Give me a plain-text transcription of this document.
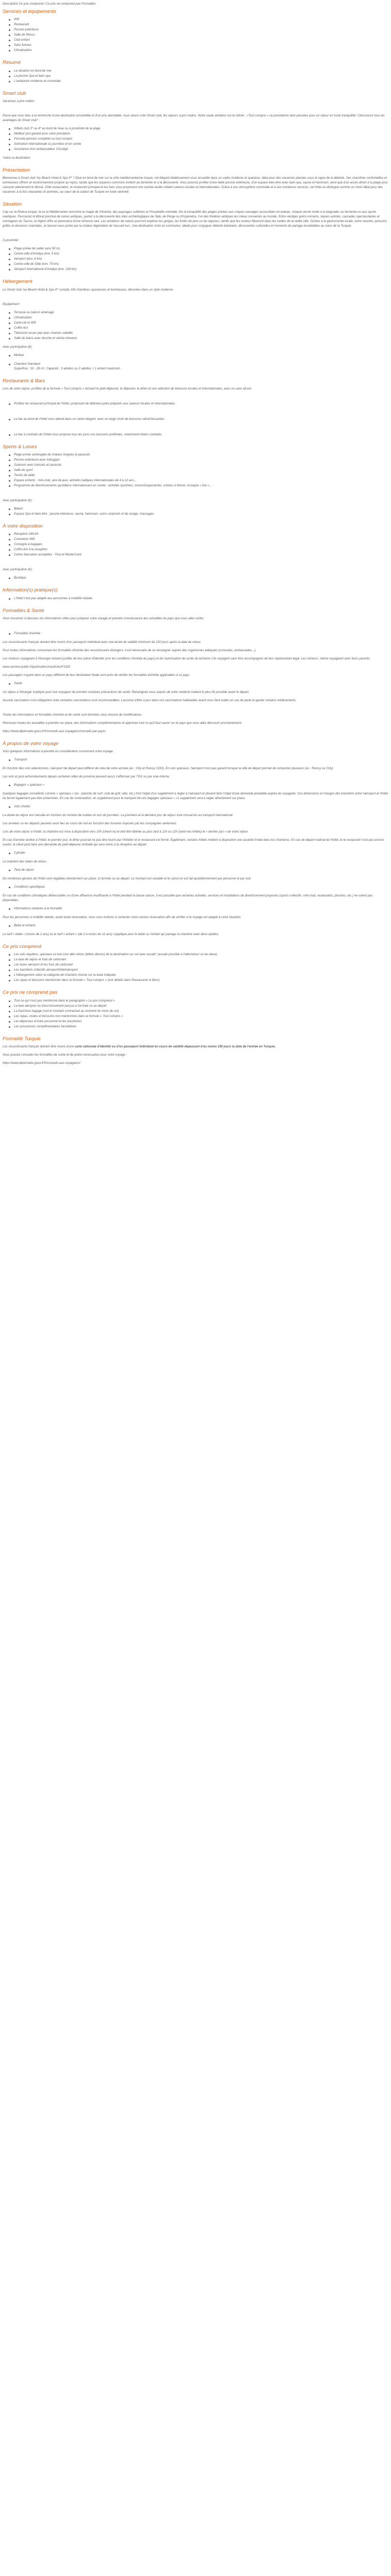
Description Ce prix comprend / Ce prix ne comprend pas Formalités
Services et équipements
Wifi
Restaurant
Piscine extérieure
Salle de fitness
Club enfant
Sans fumeur
Climatisation
Résumé
La situation en bord de mer
La piscine Spa et bain-spa
L'ambiance moderne et conviviale
Smart club

Vacances à prix malins

Parce que vous êtes à la recherche d'une destination ensoleillée et d'un prix abordable, nous avons créé Smart club, les séjours à prix malins. Notre seule ambition est la même : «Tout compris » où prestations bien pensées pour un séjour en toute tranquillité ! Découvrez tous les avantages du Smart club* :

Hôtels club 3* ou 4* au bord de l'eau ou à proximité de la plage
Meilleur prix garanti pour votre prestation
Formule pension complète ou tout compris
Animation internationale ou journées et en soirée
Assistance d'un ambassadeur Circuitgo

*selon la destination

Présentation

Bienvenue à Smart club 'Ivy Beach Hotel & Spa 4*' ! Situé en bord de mer sur la côte méditerranéenne turque, cet élégant établissement vous accueille dans un cadre moderne et spacieux, idéal pour des vacances placées sous le signe de la détente. Ses chambres confortables et lumineuses offrent un environnement propice au repos, tandis que les espaces communs invitent au farniente et à la découverte. Vous pourrez profiter d'une belle piscine extérieure, d'un espace bien-être avec bain-spa, sauna et hammam, ainsi que d'un accès direct à la plage pour savourer pleinement le littoral. Côté restauration, le restaurant principal et les bars vous proposent une cuisine variée mêlant saveurs locales et internationales. Grâce à son atmosphère conviviale et à ses nombreux services, cet hôtel se distingue comme un choix idéal pour des vacances à la fois relaxantes et animées, au cœur de la station de Turquie en toute sérénité.

Situation

Cap sur la Riviera turque, là où la Méditerranée rencontre la magie de l'Histoire, des paysages sublimes et l'hospitalité orientale. De la tranquillité des plages privées aux criques sauvages accessibles en bateau, chaque recoin invite à la baignade, au farniente ou aux sports nautiques. Parcourez le littoral ponctué de ruines antiques, partez à la découverte des sites archéologiques de Side, de Perge ou d'Aspendos, l'un des théâtres antiques les mieux conservés au monde. Entre vestiges gréco-romains, bazars animés, cascades spectaculaires et montagnes du Taurus, la région offre un panorama d'une richesse rare. Les amateurs de nature pourront explorer les gorges, les forêts de pins ou les lagunes, tandis que les curieux flâneront dans les ruelles de la vieille ville. Goûtez à la gastronomie locale, entre mezzés, poissons grillés et douceurs orientales, et laissez-vous porter par la chaleur légendaire de l'accueil turc. Une destination riche en contrastes, idéale pour conjuguer détente balnéaire, découvertes culturelles et moments de partage inoubliables au cœur de la Turquie.

À proximité :

Plage privée de sable sans 50 m)
Centre-ville d'Antalya (env. 5 km)
Aéroport (env. 6 km)
Centre-ville de Side (env. 75 km)
Aéroport international d'Antalya (env. 134 km)
Hébergement

Le Smart club 'Ivy Beach Hotel & Spa 4*' compte 100 chambres spacieuses et lumineuses, décorées dans un style moderne.

Équipement :

Terrasse ou balcon aménagé
Climatisation
Carte-clé et Wifi
Coffre-fort
Télévision écran plat avec chaînes satellite
Salle de bains avec douche et sèche-cheveux

Avec participation (€) :

Minibar
Chambre Standard
Superficie : 19 - 26 m². Capacité : 3 adultes ou 2 adultes + 1 enfant maximum
Restaurants & Bars

Lors de votre séjour, profitez de la formule « Tout compris » incluant le petit-déjeuner, le déjeuner, le dîner et une sélection de boissons locales et internationales, avec ou sans alcool.

Profitez du restaurant principal de l'hôtel, proposant de délicieux plats préparés aux saveurs locales et internationales.
Le bar au bord de l'hôtel vous attend dans un cadre élégant, avec un large choix de boissons rafraîchissantes.
Le bar à cocktails de l'hôtel vous propose tous les jours vos boissons préférées, notamment divers cocktails.
Sports & Loisirs
Plage privée aménagée de chaises longues et parasols
Piscine extérieure avec toboggan
Solarium avec transats et parasols
Salle de sport
Tennis de table
Espace enfants : mini-club, aire de jeux, activités ludiques internationales de 4 à 12 ans...
Programme de divertissements quotidiens internationaux en soirée : activités sportives, concerts/spectacles, soirées à thème, musique « live »...

Avec participation (€) :

Billard
Espace Spa et bien-être : piscine intérieure, sauna, hammam, soins corporels et de visage, massages
À votre disposition
Réception 24h/24
Connexion Wifi
Consigne à bagages
Coffre-fort à la réception
Cartes bancaires acceptées : Visa et MasterCard

Avec participation (€) :

Boutique
Information(s) pratique(s)
L'hôtel n'est pas adapté aux personnes à mobilité réduite.
Formalités & Santé

Vous trouverez ci-dessous les informations utiles pour préparer votre voyage et prendre connaissance des actualités du pays que vous allez visiter.

Formalités d'entrée :

Les ressortissants français doivent être munis d'un passeport individuel avec une durée de validité minimum de 150 jours après la date de retour.

Pour toutes informations concernant les formalités d'entrée des ressortissants étrangers, il est nécessaire de se renseigner auprès des organismes adéquats (consulats, ambassades...).

Les mineurs voyageant à l'étranger doivent justifier de leur pièce d'identité (voir les conditions d'entrée du pays) et de l'autorisation de sortie du territoire s'ils voyagent sans être accompagnés de leur représentant légal. Les mineurs, même voyageant avec leurs parents.

www.service-public.fr/particuliers/vosdroits/F1922

Les passagers n'ayant dans un pays différent de leur destination finale sont priés de vérifier les formalités d'entrée applicables à ce pays.

Santé

Un séjour à l'étranger implique pour tout voyageur de prendre certaines précautions de santé. Renseignez-vous auprès de votre médecin traitant le plus tôt possible avant le départ.

Aucune vaccination n'est obligatoire mais certaines vaccinations sont recommandées. Lassurez d'être à jour dans vos vaccinations habituelles avant vous faire traiter en cas de perte et garder certains médicaments.

Toutes les informations et formalités d'entrée et de santé sont données sous réserve de modifications.

Retrouvez toutes les actualités à prendre sur place, des informations complémentaires et apprenez tout ce qu'il faut savoir sur le pays que vous allez découvrir prochainement :

https://www.diplomatie.gouv.fr/fr/conseils-aux-voyageurs/conseils-par-pays/

À propos de votre voyage

Voici quelques informations à prendre en considération concernant votre voyage.

Transport

En fonction des vols sélectionnés, l'aéroport de départ peut différer de celui de votre arrivée (ex : Orly et Roissy CDG). En vols spéciaux, l'aéroport n'est pas garanti lorsque la ville de départ permet de comporter plusieurs (ex : Roissy ou Orly).

Les vols et post-acheminements depuis certaines villes de province peuvent aussi s'effectuer par TGV ou par voie interne.

Bagages « spéciaux »

Quelques bagages considérés comme « spéciaux » (ex : planche de surf, club de golf, vélo, etc.) font l'objet d'un supplément à régler à l'aéroport et doivent faire l'objet d'une demande préalable auprès du voyagiste. Ces dimensions et charges des transferts entre l'aéroport et l'hôtel ne feront également pas être acheminés. En cas de contestation, un supplément pour le transport de ces bagages spéciaux « »1 supplément sera à régler directement sur place.

Vols charter

La durée du séjour est calculée en fonction du nombre de nuitées et non de journées. La première et la dernière jour de séjour sont consacrés au transport international.

Les arrivées ou les départs peuvent avoir lieu au cours de nuit en fonction des horaires imposés par les compagnies aériennes.

Lors de votre séjour à l'hôtel, la chambre est mise à disposition vers 15h (check-in) et doit être libérée au plus tard à 11h ou 12h (selon les hôtels) le « dernier jour » de votre séjour.

En cas d'arrivée tardive à l'hôtel, le premier jour, le dîner pourrait ne pas être fourni par l'hôtelier et le restaurant est fermé. Également, certains hôtels mettent à disposition une assiette froide dans les chambres. En cas de départ matinal de l'hôtel, le le restaurant n'est pas encore ouvert, le client peut faire une demande de petit-déjeuner emballé qui sera remis à la réception au départ.

Cylinder

Le maintien des dates de retour...

Taxe de séjour

De nombreux gérants de l'hôtel sont réglables directement sur place; à l'arrivée ou au départ. Le montant est variable et le calcul en est fait quotidiennement par personne et par nuit.

Conditions spécifiques

En cas de conditions climatiques défavorables ou d'une affluence insuffisante à l'hôtel pendant la basse saison, il est possible que certaines activités, services et installations de divertissement proposés (sports collectifs, mini-club, restaurants, piscines, etc.) ne soient pas disponibles.

Informations relatives à la formalité

Pour les personnes à mobilité réduite, avant toute réservation, nous vous invitons à contacter notre service réservation afin de vérifier si le voyage est adapté à votre situation.

Bébé et enfants

Le tarif « bébé » (moins de 2 ans) ou le tarif « enfant » (de 2 à moins de 12 ans) s'applique pour le bébé ou l'enfant qui partage la chambre avec deux adultes.

Ce prix comprend
Les vols réguliers, spéciaux ou low-cost aller-retour (billets directs) de la destination sur vol avec escale* (escale possible à l'aller/retour ou les deux)
La taxe de séjour et frais de carburant
Les taxes aéroport et les frais de carburant
Les transferts collectifs aéroport/hôtel/aéroport
L'hébergement selon la catégorie de chambre choisie sur la base indiquée
Les repas et boissons mentionnés dans la formule « Tout compris » (voir détails dans Restaurants & Bars)
Ce prix ne comprend pas
Tout ce qui n'est pas mentionné dans le paragraphe « Le prix comprend »
La taxe aéroport ou d'accroissement perçue à l'arrivée ou au départ
La franchise bagage (soit le montant contractuel au moment du choix de vol)
Les repas, visites et boissons non mentionnés dans la formule « Tout compris »
Les dépenses d'ordre personnel et les pourboires
Les assurances complémentaires facultatives
Formalité Turquie

Les ressortissants français doivent être munis d'une carte nationale d'identité ou d'un passeport individuel en cours de validité dépassant d'au moins 150 jours la date de l'entrée en Turquie.

Vous pouvez consulter les formalités de sortie et de police nécessaires pour votre voyage :

https://www.diplomatie.gouv.fr/fr/conseils-aux-voyageurs/
